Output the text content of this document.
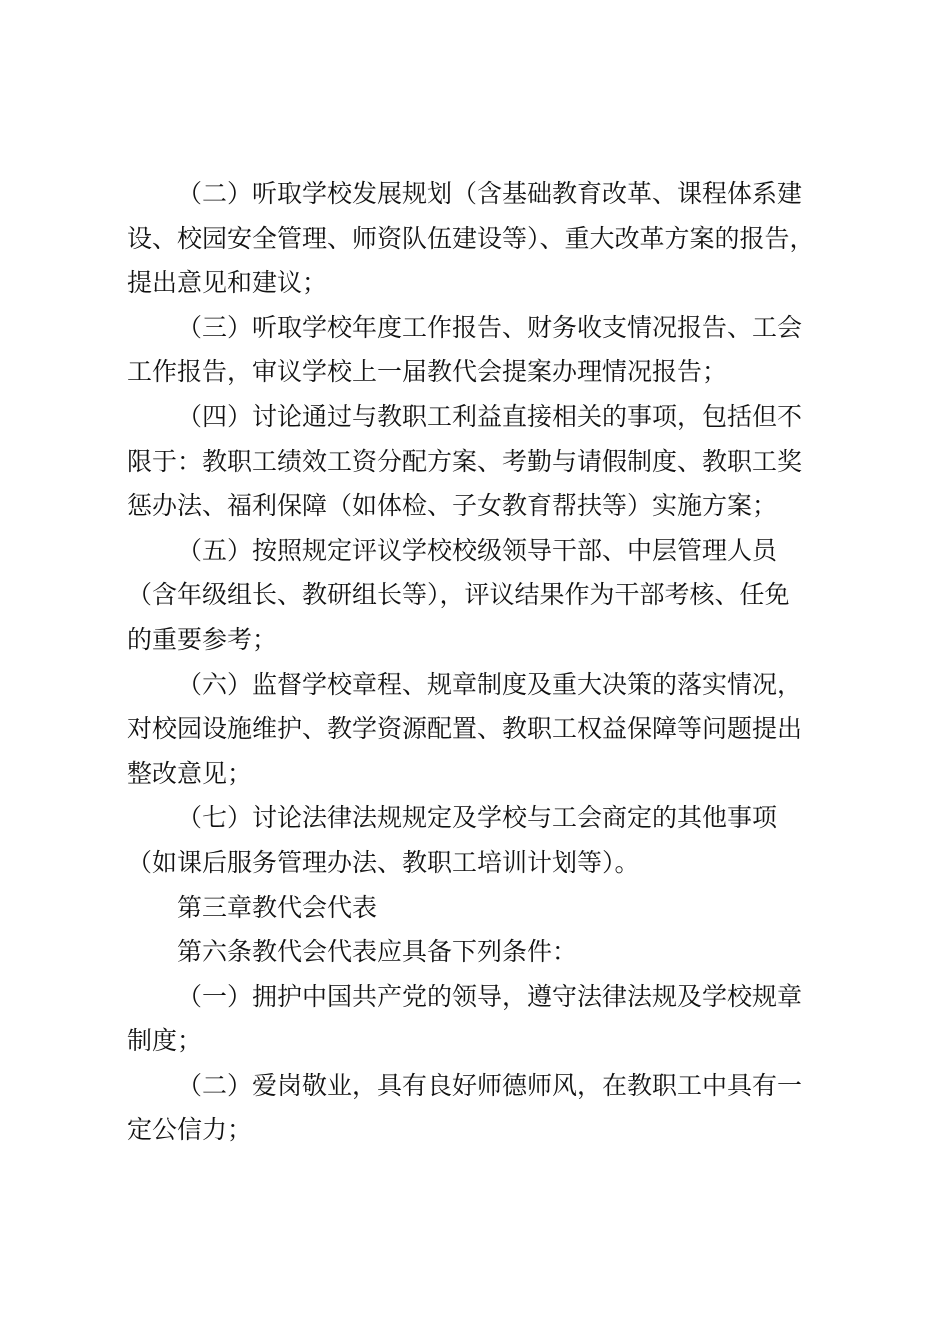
（二）听取学校发展规划（含基础教育改革、课程体系建

设、校园安全管理、师资队伍建设等）、重大改革方案的报告，

提出意见和建议；

（三）听取学校年度工作报告、财务收支情况报告、工会

工作报告，审议学校上一届教代会提案办理情况报告；

（四）讨论通过与教职工利益直接相关的事项，包括但不

限于：教职工绩效工资分配方案、考勤与请假制度、教职工奖

惩办法、福利保障（如体检、子女教育帮扶等）实施方案；

（五）按照规定评议学校校级领导干部、中层管理人员

（含年级组长、教研组长等），评议结果作为干部考核、任免

的重要参考；

（六）监督学校章程、规章制度及重大决策的落实情况，

对校园设施维护、教学资源配置、教职工权益保障等问题提出

整改意见；

（七）讨论法律法规规定及学校与工会商定的其他事项

（如课后服务管理办法、教职工培训计划等）。

第三章教代会代表

第六条教代会代表应具备下列条件：

（一）拥护中国共产党的领导，遵守法律法规及学校规章

制度；

（二）爱岗敬业，具有良好师德师风，在教职工中具有一

定公信力；
